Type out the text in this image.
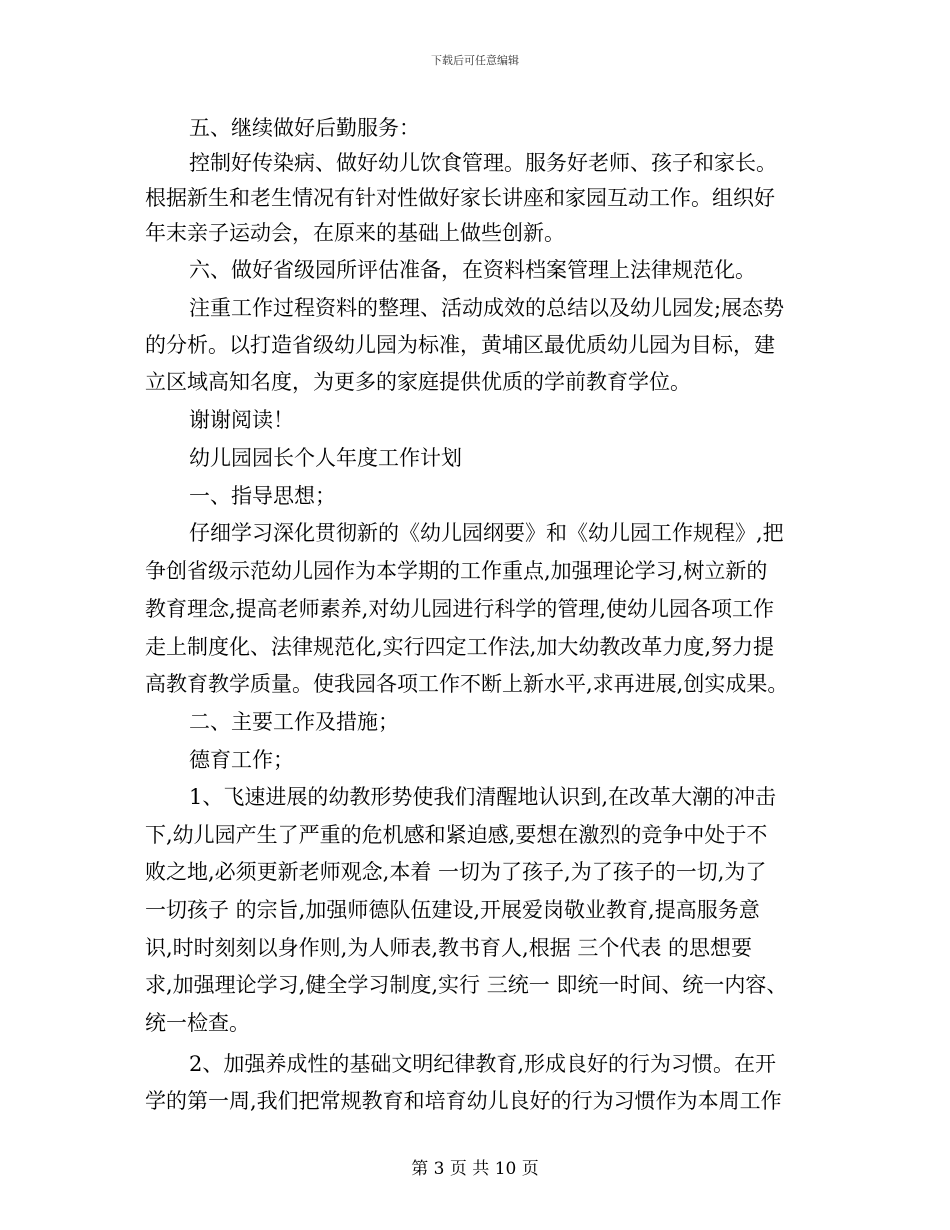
下载后可任意编辑
五、继续做好后勤服务：
控制好传染病、做好幼儿饮食管理。服务好老师、孩子和家长。
根据新生和老生情况有针对性做好家长讲座和家园互动工作。组织好
年末亲子运动会，在原来的基础上做些创新。
六、做好省级园所评估准备，在资料档案管理上法律规范化。
注重工作过程资料的整理、活动成效的总结以及幼儿园发;展态势
的分析。以打造省级幼儿园为标准，黄埔区最优质幼儿园为目标，建
立区域高知名度，为更多的家庭提供优质的学前教育学位。
谢谢阅读！
幼儿园园长个人年度工作计划
一、指导思想；
仔细学习深化贯彻新的《幼儿园纲要》和《幼儿园工作规程》,把
争创省级示范幼儿园作为本学期的工作重点,加强理论学习,树立新的
教育理念,提高老师素养,对幼儿园进行科学的管理,使幼儿园各项工作
走上制度化、法律规范化,实行四定工作法,加大幼教改革力度,努力提
高教育教学质量。使我园各项工作不断上新水平,求再进展,创实成果。
二、主要工作及措施；
德育工作；
1、飞速进展的幼教形势使我们清醒地认识到,在改革大潮的冲击
下,幼儿园产生了严重的危机感和紧迫感,要想在激烈的竞争中处于不
败之地,必须更新老师观念,本着 一切为了孩子,为了孩子的一切,为了
一切孩子 的宗旨,加强师德队伍建设,开展爱岗敬业教育,提高服务意
识,时时刻刻以身作则,为人师表,教书育人,根据 三个代表 的思想要
求,加强理论学习,健全学习制度,实行 三统一 即统一时间、统一内容、
统一检查。
2、加强养成性的基础文明纪律教育,形成良好的行为习惯。在开
学的第一周,我们把常规教育和培育幼儿良好的行为习惯作为本周工作
第 3 页 共 10 页
